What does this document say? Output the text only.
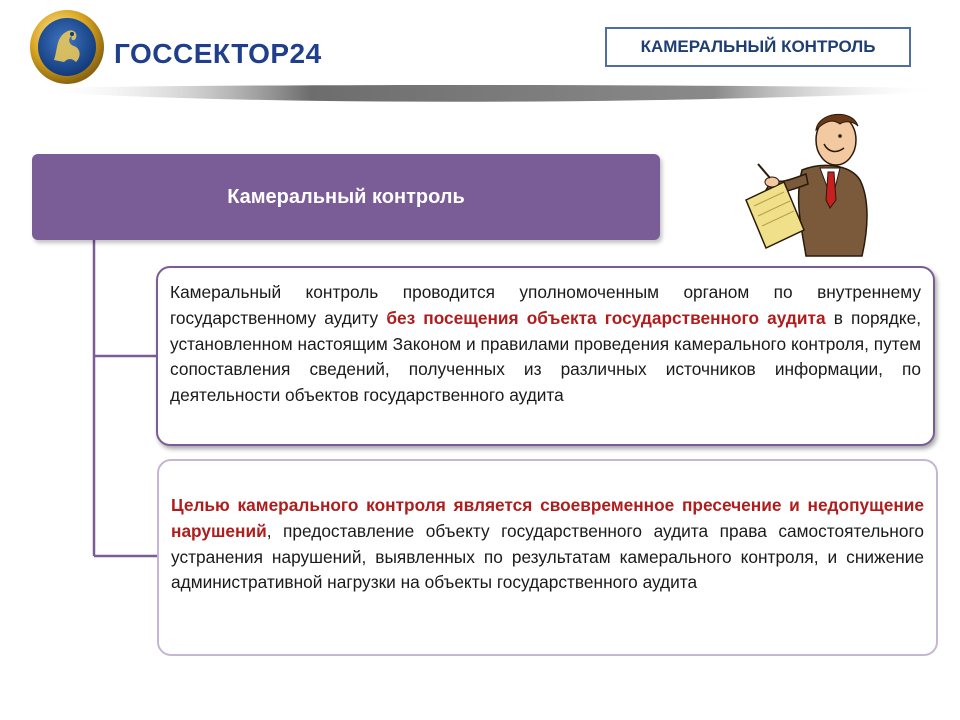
ГОССЕКТОР24	КАМЕРАЛЬНЫЙ КОНТРОЛЬ
Камеральный контроль
Камеральный контроль проводится уполномоченным органом по внутреннему государственному аудиту без посещения объекта государственного аудита в порядке, установленном настоящим Законом и правилами проведения камерального контроля, путем сопоставления сведений, полученных из различных источников информации, по деятельности объектов государственного аудита
Целью камерального контроля является своевременное пресечение и недопущение нарушений, предоставление объекту государственного аудита права самостоятельного устранения нарушений, выявленных по результатам камерального контроля, и снижение административной нагрузки на объекты государственного аудита
